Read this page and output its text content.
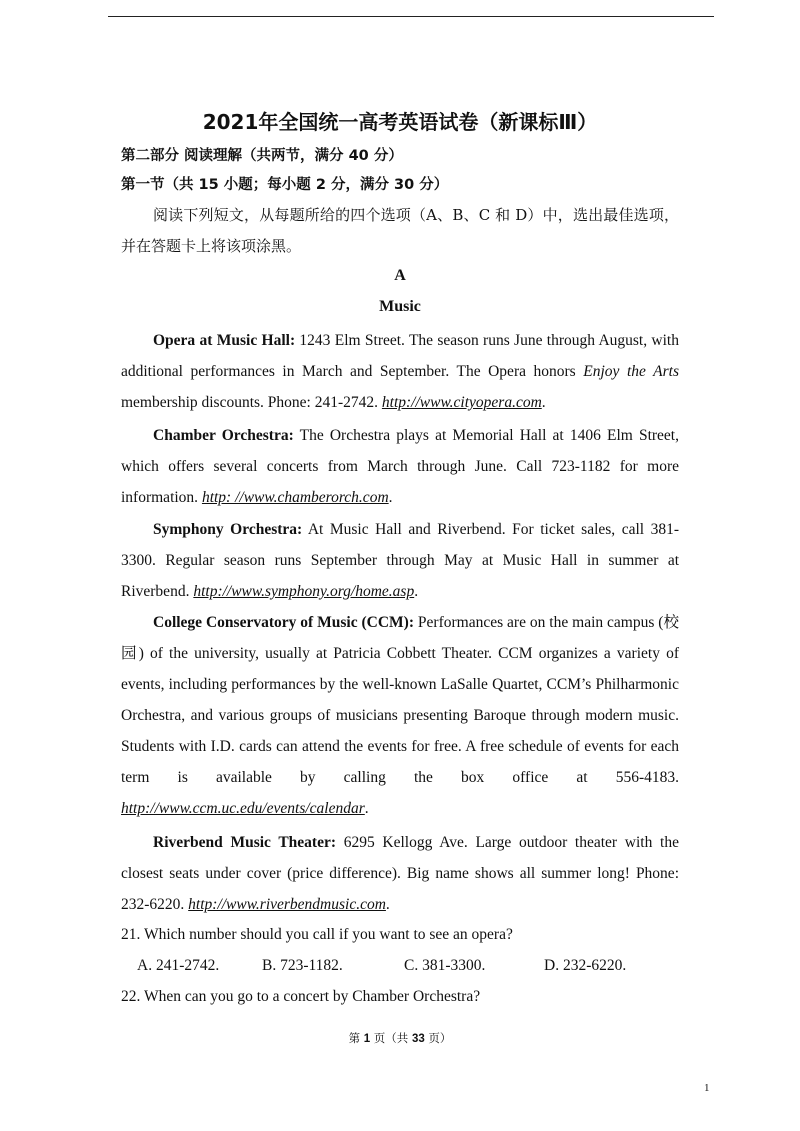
2021年全国统一高考英语试卷（新课标Ⅲ）
第二部分 阅读理解（共两节，满分 40 分）
第一节（共 15 小题；每小题 2 分，满分 30 分）
阅读下列短文，从每题所给的四个选项（A、B、C 和 D）中，选出最佳选项，并在答题卡上将该项涂黑。
A
Music
Opera at Music Hall: 1243 Elm Street. The season runs June through August, with additional performances in March and September. The Opera honors Enjoy the Arts membership discounts. Phone: 241-2742. http://www.cityopera.com.
Chamber Orchestra: The Orchestra plays at Memorial Hall at 1406 Elm Street, which offers several concerts from March through June. Call 723-1182 for more information. http: //www.chamberorch.com.
Symphony Orchestra: At Music Hall and Riverbend. For ticket sales, call 381-3300. Regular season runs September through May at Music Hall in summer at Riverbend. http://www.symphony.org/home.asp.
College Conservatory of Music (CCM): Performances are on the main campus (校园) of the university, usually at Patricia Cobbett Theater. CCM organizes a variety of events, including performances by the well-known LaSalle Quartet, CCM’s Philharmonic Orchestra, and various groups of musicians presenting Baroque through modern music. Students with I.D. cards can attend the events for free. A free schedule of events for each term is available by calling the box office at 556-4183. http://www.ccm.uc.edu/events/calendar.
Riverbend Music Theater: 6295 Kellogg Ave. Large outdoor theater with the closest seats under cover (price difference). Big name shows all summer long! Phone: 232-6220. http://www.riverbendmusic.com.
21. Which number should you call if you want to see an opera?
A. 241-2742.	B. 723-1182.	C. 381-3300.	D. 232-6220.
22. When can you go to a concert by Chamber Orchestra?
第 1 页（共 33 页）
1
